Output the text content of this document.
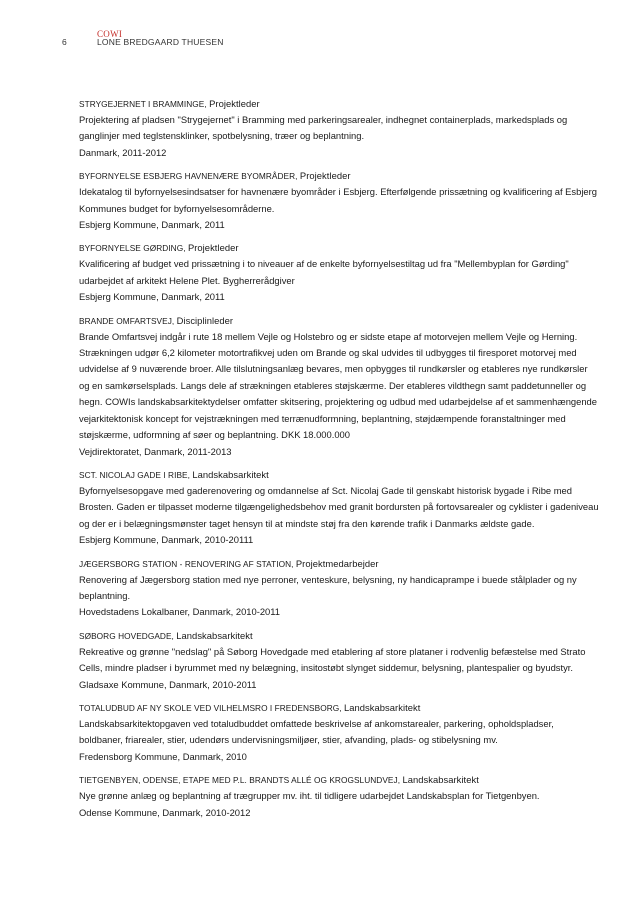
6
COWI
LONE BREDGAARD THUESEN
STRYGEJERNET I BRAMMINGE, Projektleder
Projektering af pladsen "Strygejernet" i Bramming med parkeringsarealer, indhegnet containerplads, markedsplads og ganglinjer med teglstensklinker, spotbelysning, træer og beplantning.
Danmark, 2011-2012
BYFORNYELSE ESBJERG HAVNENÆRE BYOMRÅDER, Projektleder
Idekatalog til byfornyelsesindsatser for havnenære byområder i Esbjerg. Efterfølgende prissætning og kvalificering af Esbjerg Kommunes budget for byfornyelsesområderne.
Esbjerg Kommune, Danmark, 2011
BYFORNYELSE GØRDING, Projektleder
Kvalificering af budget ved prissætning i to niveauer af de enkelte byfornyelsestiltag ud fra "Mellembyplan for Gørding" udarbejdet af arkitekt Helene Plet. Bygherrerådgiver
Esbjerg Kommune, Danmark, 2011
BRANDE OMFARTSVEJ, Disciplinleder
Brande Omfartsvej indgår i rute 18 mellem Vejle og Holstebro og er sidste etape af motorvejen mellem Vejle og Herning. Strækningen udgør 6,2 kilometer motortrafikvej uden om Brande og skal udvides til udbygges til firesporet motorvej med udvidelse af 9 nuværende broer. Alle tilslutningsanlæg bevares, men opbygges til rundkørsler og etableres nye rundkørsler og en samkørselsplads. Langs dele af strækningen etableres støjskærme. Der etableres vildthegn samt paddetunneller og hegn. COWIs landskabsarkitektydelser omfatter skitsering, projektering og udbud med udarbejdelse af et sammenhængende vejarkitektonisk koncept for vejstrækningen med terrænudformning, beplantning, støjdæmpende foranstaltninger med støjskærme, udformning af søer og beplantning. DKK 18.000.000
Vejdirektoratet, Danmark, 2011-2013
SCT. NICOLAJ GADE I RIBE, Landskabsarkitekt
Byfornyelsesopgave med gaderenovering og omdannelse af Sct. Nicolaj Gade til genskabt historisk bygade i Ribe med Brosten. Gaden er tilpasset moderne tilgængelighedsbehov med granit bordursten på fortovsarealer og cyklister i gadeniveau og der er i belægningsmønster taget hensyn til at mindste støj fra den kørende trafik i Danmarks ældste gade.
Esbjerg Kommune, Danmark, 2010-20111
JÆGERSBORG STATION - RENOVERING AF STATION, Projektmedarbejder
Renovering af Jægersborg station med nye perroner, venteskure, belysning, ny handicaprampe i buede stålplader og ny beplantning.
Hovedstadens Lokalbaner, Danmark, 2010-2011
SØBORG HOVEDGADE, Landskabsarkitekt
Rekreative og grønne "nedslag" på Søborg Hovedgade med etablering af store plataner i rodvenlig befæstelse med Strato Cells, mindre pladser i byrummet med ny belægning, insitostøbt slynget siddemur, belysning, plantespalier og byudstyr.
Gladsaxe Kommune, Danmark, 2010-2011
TOTALUDBUD AF NY SKOLE VED VILHELMSRO I FREDENSBORG, Landskabsarkitekt
Landskabsarkitektopgaven ved totaludbuddet omfattede beskrivelse af ankomstarealer, parkering, opholdspladser, boldbaner, friarealer, stier, udendørs undervisningsmiljøer, stier, afvanding, plads- og stibelysning mv.
Fredensborg Kommune, Danmark, 2010
TIETGENBYEN, ODENSE, ETAPE MED P.L. BRANDTS ALLÉ OG KROGSLUNDVEJ, Landskabsarkitekt
Nye grønne anlæg og beplantning af trægrupper mv. iht. til tidligere udarbejdet Landskabsplan for Tietgenbyen.
Odense Kommune, Danmark, 2010-2012
